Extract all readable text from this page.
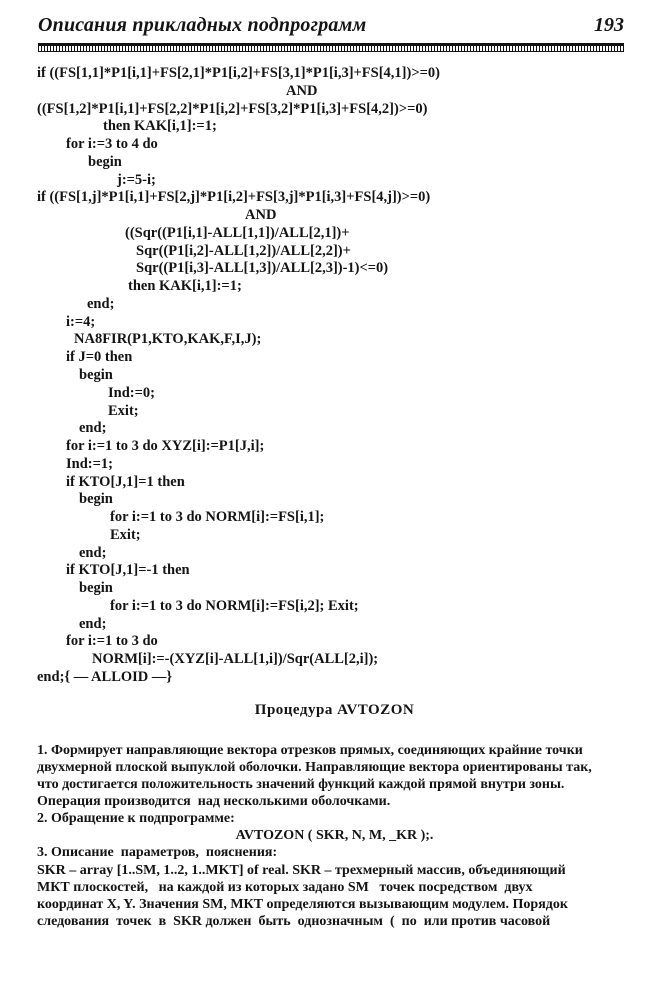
Описания прикладных подпрограмм	193
if ((FS[1,1]*P1[i,1]+FS[2,1]*P1[i,2]+FS[3,1]*P1[i,3]+FS[4,1])>=0)
AND
((FS[1,2]*P1[i,1]+FS[2,2]*P1[i,2]+FS[3,2]*P1[i,3]+FS[4,2])>=0)
then KAK[i,1]:=1;
for i:=3 to 4 do
begin
j:=5-i;
if ((FS[1,j]*P1[i,1]+FS[2,j]*P1[i,2]+FS[3,j]*P1[i,3]+FS[4,j])>=0)
AND
((Sqr((P1[i,1]-ALL[1,1])/ALL[2,1])+
Sqr((P1[i,2]-ALL[1,2])/ALL[2,2])+
Sqr((P1[i,3]-ALL[1,3])/ALL[2,3])-1)<=0)
then KAK[i,1]:=1;
end;
i:=4;
NA8FIR(P1,KTO,KAK,F,I,J);
if J=0 then
begin
Ind:=0;
Exit;
end;
for i:=1 to 3 do XYZ[i]:=P1[J,i];
Ind:=1;
if KTO[J,1]=1 then
begin
for i:=1 to 3 do NORM[i]:=FS[i,1];
Exit;
end;
if KTO[J,1]=-1 then
begin
for i:=1 to 3 do NORM[i]:=FS[i,2]; Exit;
end;
for i:=1 to 3 do
NORM[i]:=-(XYZ[i]-ALL[1,i])/Sqr(ALL[2,i]);
end;{ — ALLOID —}
Процедура AVTOZON
1. Формирует направляющие вектора отрезков прямых, соединяющих крайние точки
двухмерной плоской выпуклой оболочки. Направляющие вектора ориентированы так,
что достигается положительность значений функций каждой прямой внутри зоны.
Операция производится  над несколькими оболочками.
2. Обращение к подпрограмме:
AVTOZON ( SKR, N, M, _KR );.
3. Описание  параметров,  пояснения:
SKR – array [1..SM, 1..2, 1..MKT] of real. SKR – трехмерный массив, объединяющий
МКТ плоскостей,   на каждой из которых задано SM   точек посредством  двух
координат X, Y. Значения SM, МКТ определяются вызывающим модулем. Порядок
следования  точек  в  SKR должен  быть  однозначным  (  по  или против часовой
